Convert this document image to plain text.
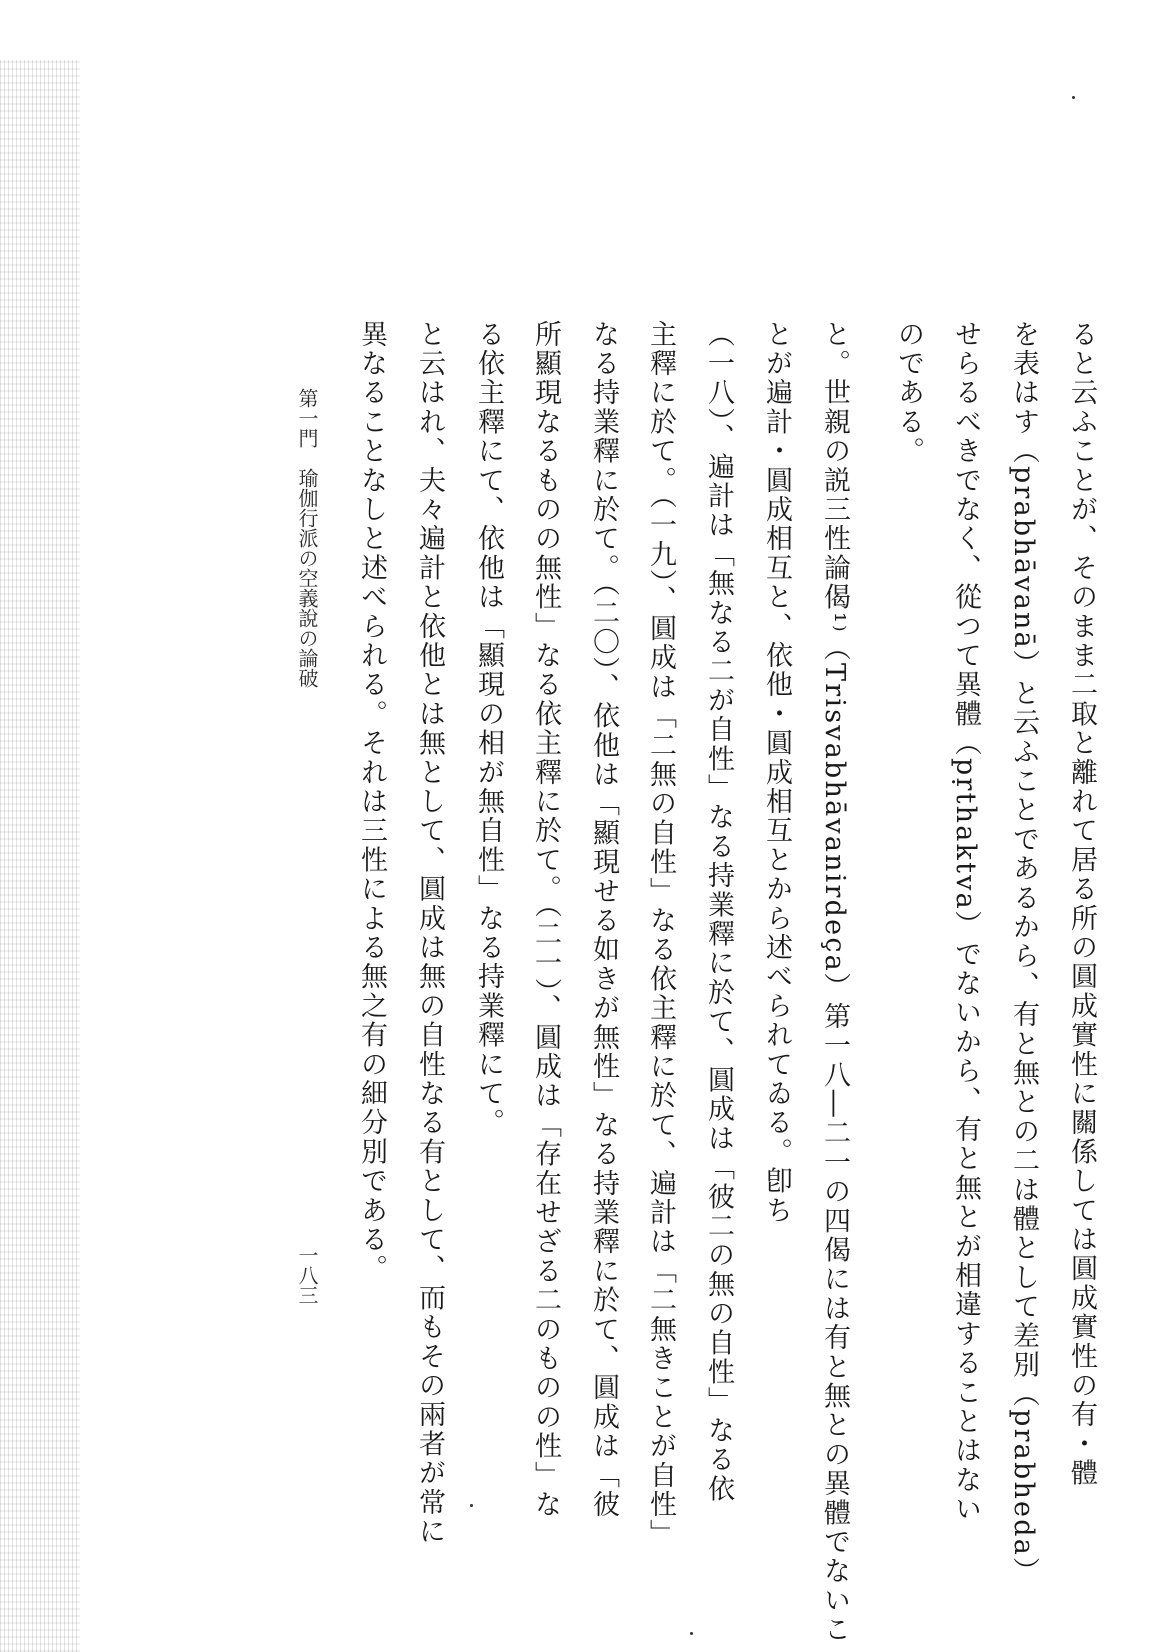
ると云ふことが、そのまま二取と離れて居る所の圓成實性に關係しては圓成實性の有・體
を表はす（prabhāvanā）と云ふことであるから、有と無との二は體として差別（prabheda）
せらるべきでなく、從つて異體（pṛthaktva）でないから、有と無とが相違することはない
のである。
と。世親の説三性論偈¹⁾（Trisvabhāvanirdeça）第一八―二一の四偈には有と無との異體でないこ
とが遍計・圓成相互と、依他・圓成相互とから述べられてゐる。卽ち
（一八）、遍計は「無なる二が自性」なる持業釋に於て、圓成は「彼二の無の自性」なる依
主釋に於て。（一九）、圓成は「二無の自性」なる依主釋に於て、遍計は「二無きことが自性」
なる持業釋に於て。（二〇）、依他は「顯現せる如きが無性」なる持業釋に於て、圓成は「彼
所顯現なるものの無性」なる依主釋に於て。（二一）、圓成は「存在せざる二のものの性」な
る依主釋にて、依他は「顯現の相が無自性」なる持業釋にて。
と云はれ、夫々遍計と依他とは無として、圓成は無の自性なる有として、而もその兩者が常に
異なることなしと述べられる。それは三性による無之有の細分別である。
第一門　瑜伽行派の空義說の論破
一八三
